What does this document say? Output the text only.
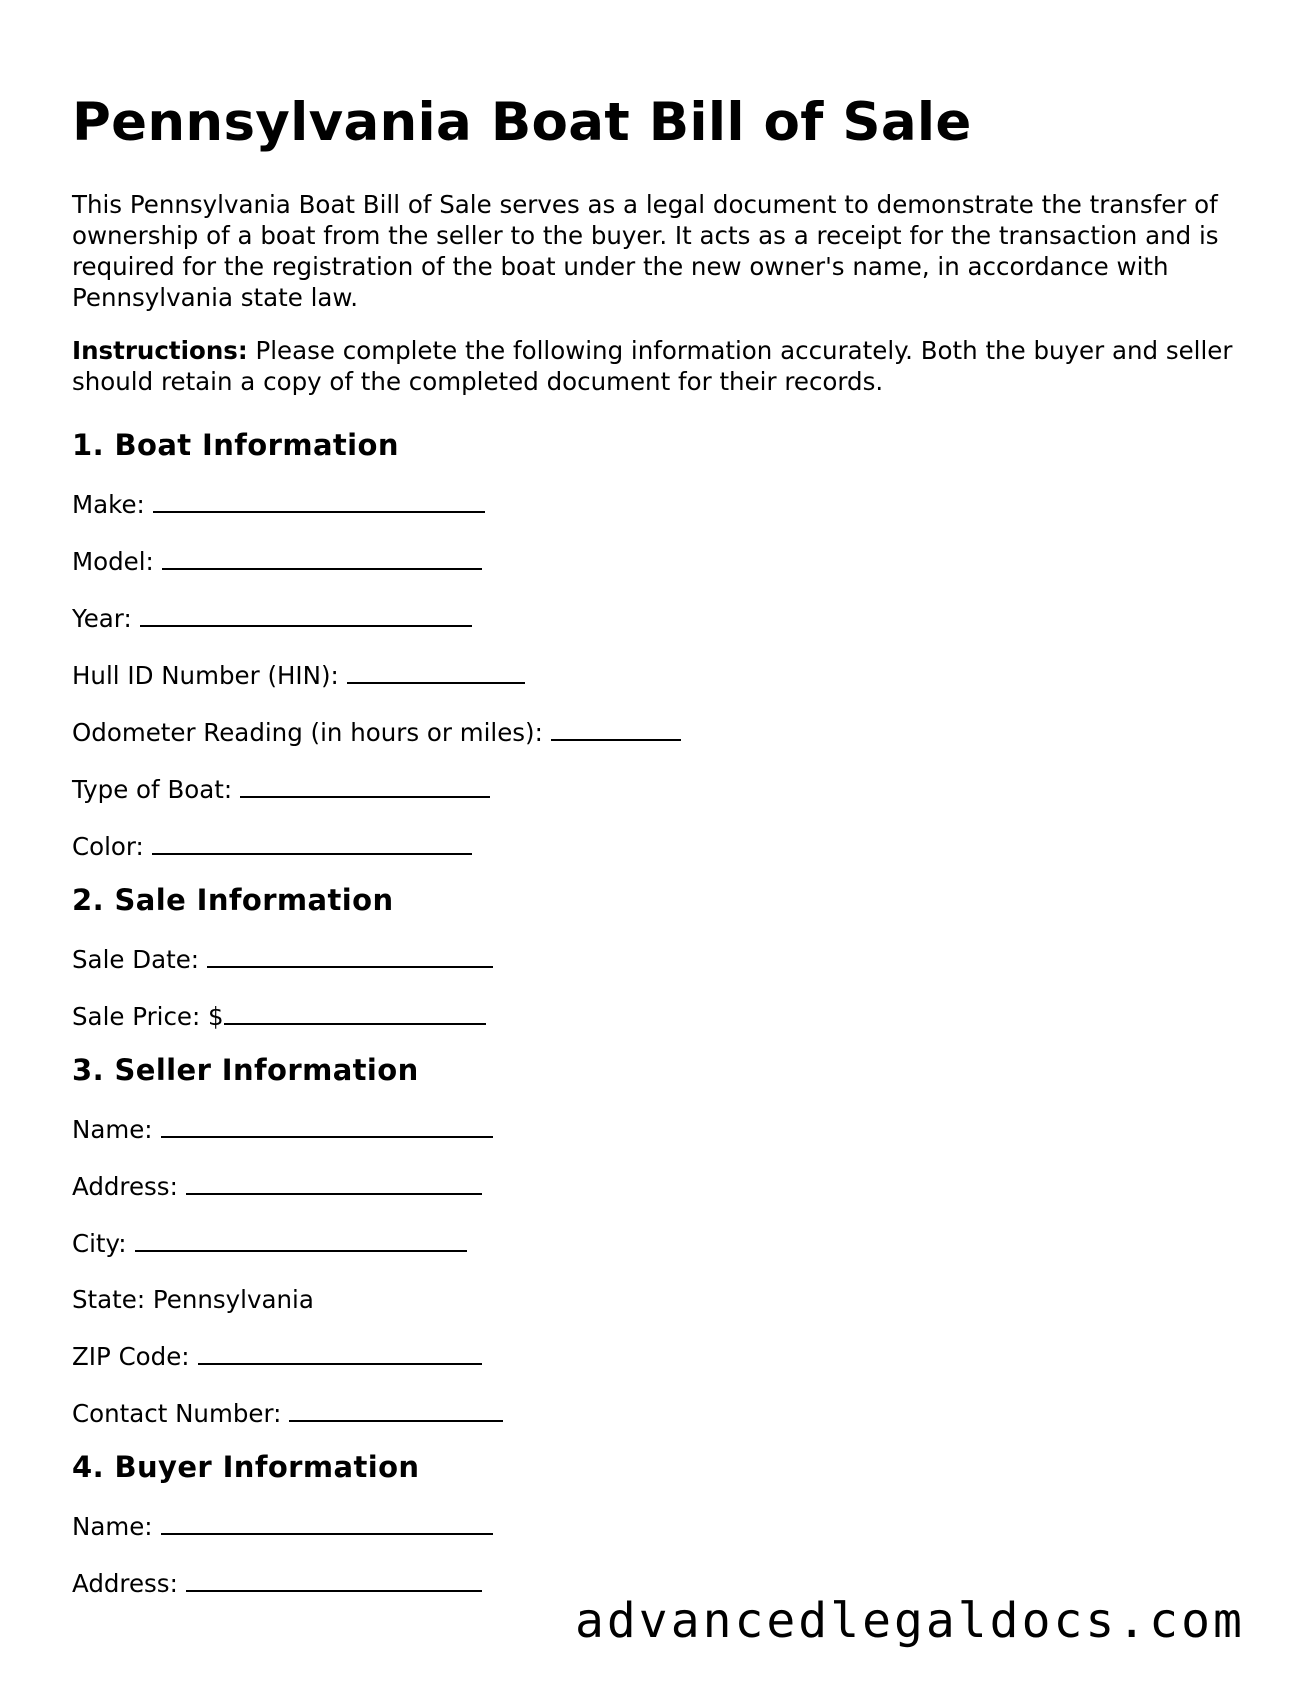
Pennsylvania Boat Bill of Sale

This Pennsylvania Boat Bill of Sale serves as a legal document to demonstrate the transfer of ownership of a boat from the seller to the buyer. It acts as a receipt for the transaction and is required for the registration of the boat under the new owner's name, in accordance with Pennsylvania state law.

Instructions: Please complete the following information accurately. Both the buyer and seller should retain a copy of the completed document for their records.

1. Boat Information
Make:
Model:
Year:
Hull ID Number (HIN):
Odometer Reading (in hours or miles):
Type of Boat:
Color:
2. Sale Information
Sale Date:
Sale Price: $
3. Seller Information
Name:
Address:
City:
State: Pennsylvania
ZIP Code:
Contact Number:
4. Buyer Information
Name:
Address:
advancedlegaldocs.com
